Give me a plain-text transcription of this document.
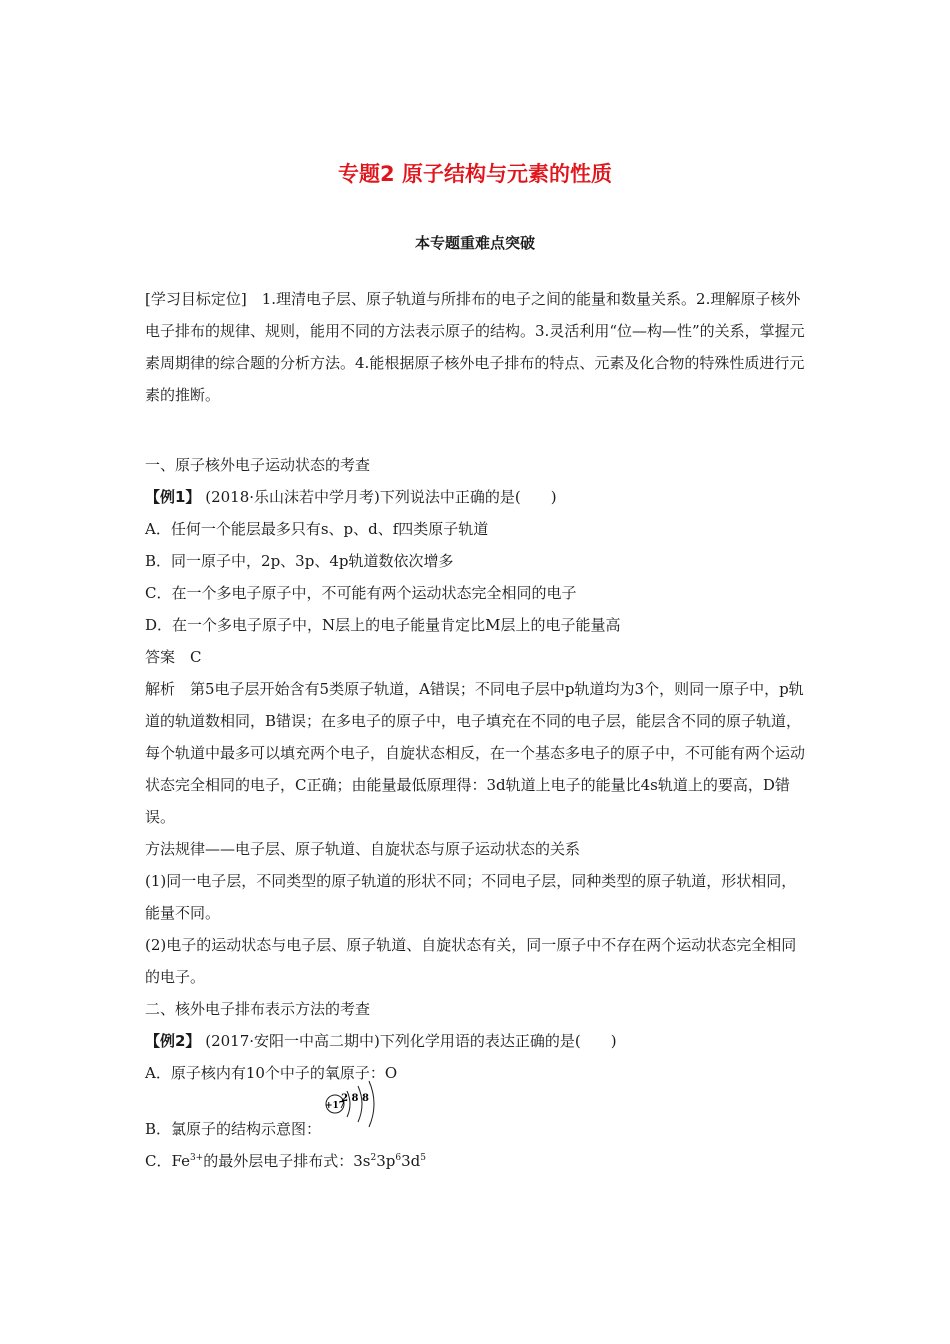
专题2 原子结构与元素的性质
本专题重难点突破

[学习目标定位]　 1.理清电子层、原子轨道与所排布的电子之间的能量和数量关系。2.理解原子核外电子排布的规律、规则，能用不同的方法表示原子的结构。3.灵活利用“位—构—性”的关系，掌握元素周期律的综合题的分析方法。4.能根据原子核外电子排布的特点、元素及化合物的特殊性质进行元素的推断。

一、原子核外电子运动状态的考查

【例1】 (2018·乐山沫若中学月考)下列说法中正确的是(　　)

A．任何一个能层最多只有s、p、d、f四类原子轨道

B．同一原子中，2p、3p、4p轨道数依次增多

C．在一个多电子原子中，不可能有两个运动状态完全相同的电子

D．在一个多电子原子中，N层上的电子能量肯定比M层上的电子能量高

答案　C

解析　第5电子层开始含有5类原子轨道，A错误；不同电子层中p轨道均为3个，则同一原子中，p轨道的轨道数相同，B错误；在多电子的原子中，电子填充在不同的电子层，能层含不同的原子轨道，每个轨道中最多可以填充两个电子，自旋状态相反，在一个基态多电子的原子中，不可能有两个运动状态完全相同的电子，C正确；由能量最低原理得：3d轨道上电子的能量比4s轨道上的要高，D错误。

方法规律——电子层、原子轨道、自旋状态与原子运动状态的关系

(1)同一电子层，不同类型的原子轨道的形状不同；不同电子层，同种类型的原子轨道，形状相同，能量不同。

(2)电子的运动状态与电子层、原子轨道、自旋状态有关，同一原子中不存在两个运动状态完全相同的电子。

二、核外电子排布表示方法的考查

【例2】 (2017·安阳一中高二期中)下列化学用语的表达正确的是(　　)

A．原子核内有10个中子的氧原子：O

B．氯原子的结构示意图：
+17
2 8 8

C．$Fe^{3+}$的最外层电子排布式：$3s^23p^63d^5$
